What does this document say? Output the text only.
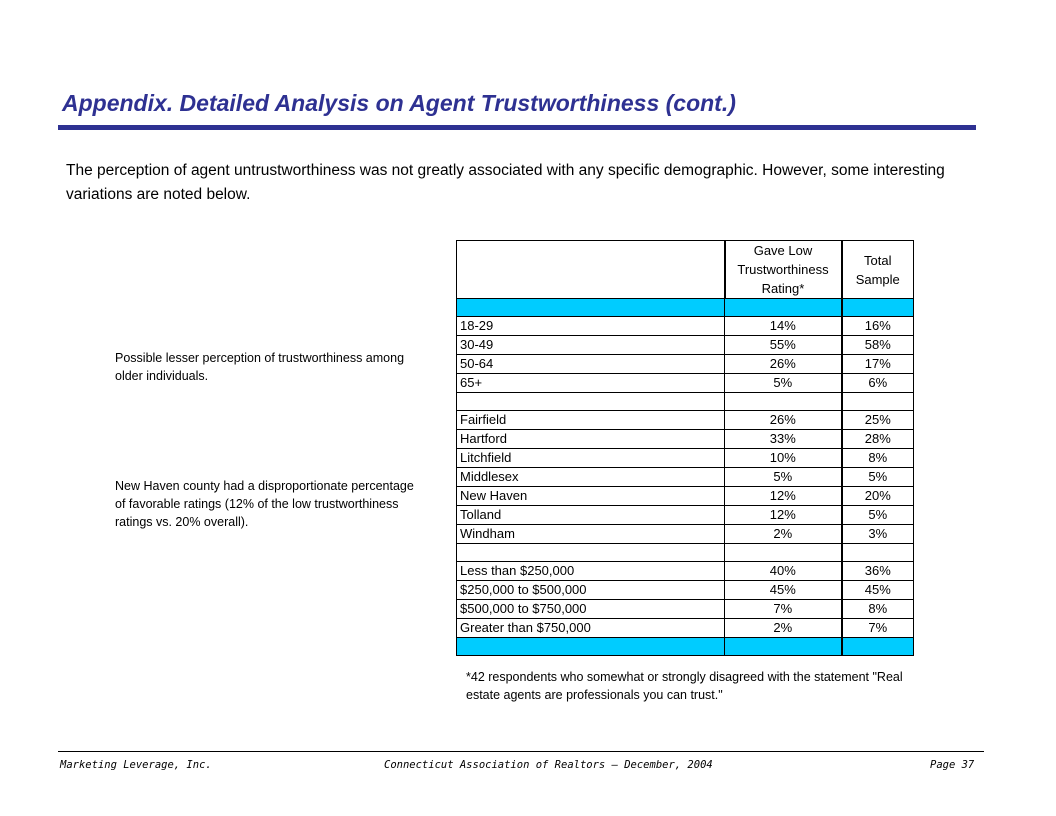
Appendix. Detailed Analysis on Agent Trustworthiness (cont.)

The perception of agent untrustworthiness was not greatly associated with any specific demographic. However, some interesting variations are noted below.

Possible lesser perception of trustworthiness among older individuals.

New Haven county had a disproportionate percentage of favorable ratings (12% of the low trustworthiness ratings vs. 20% overall).

	Gave Low Trustworthiness Rating*	Total Sample

18-29	14%	16%
30-49	55%	58%
50-64	26%	17%
65+	5%	6%

Fairfield	26%	25%
Hartford	33%	28%
Litchfield	10%	8%
Middlesex	5%	5%
New Haven	12%	20%
Tolland	12%	5%
Windham	2%	3%

Less than $250,000	40%	36%
$250,000 to $500,000	45%	45%
$500,000 to $750,000	7%	8%
Greater than $750,000	2%	7%

*42 respondents who somewhat or strongly disagreed with the statement "Real estate agents are professionals you can trust."

Marketing Leverage, Inc.	Connecticut Association of Realtors – December, 2004	Page 37
